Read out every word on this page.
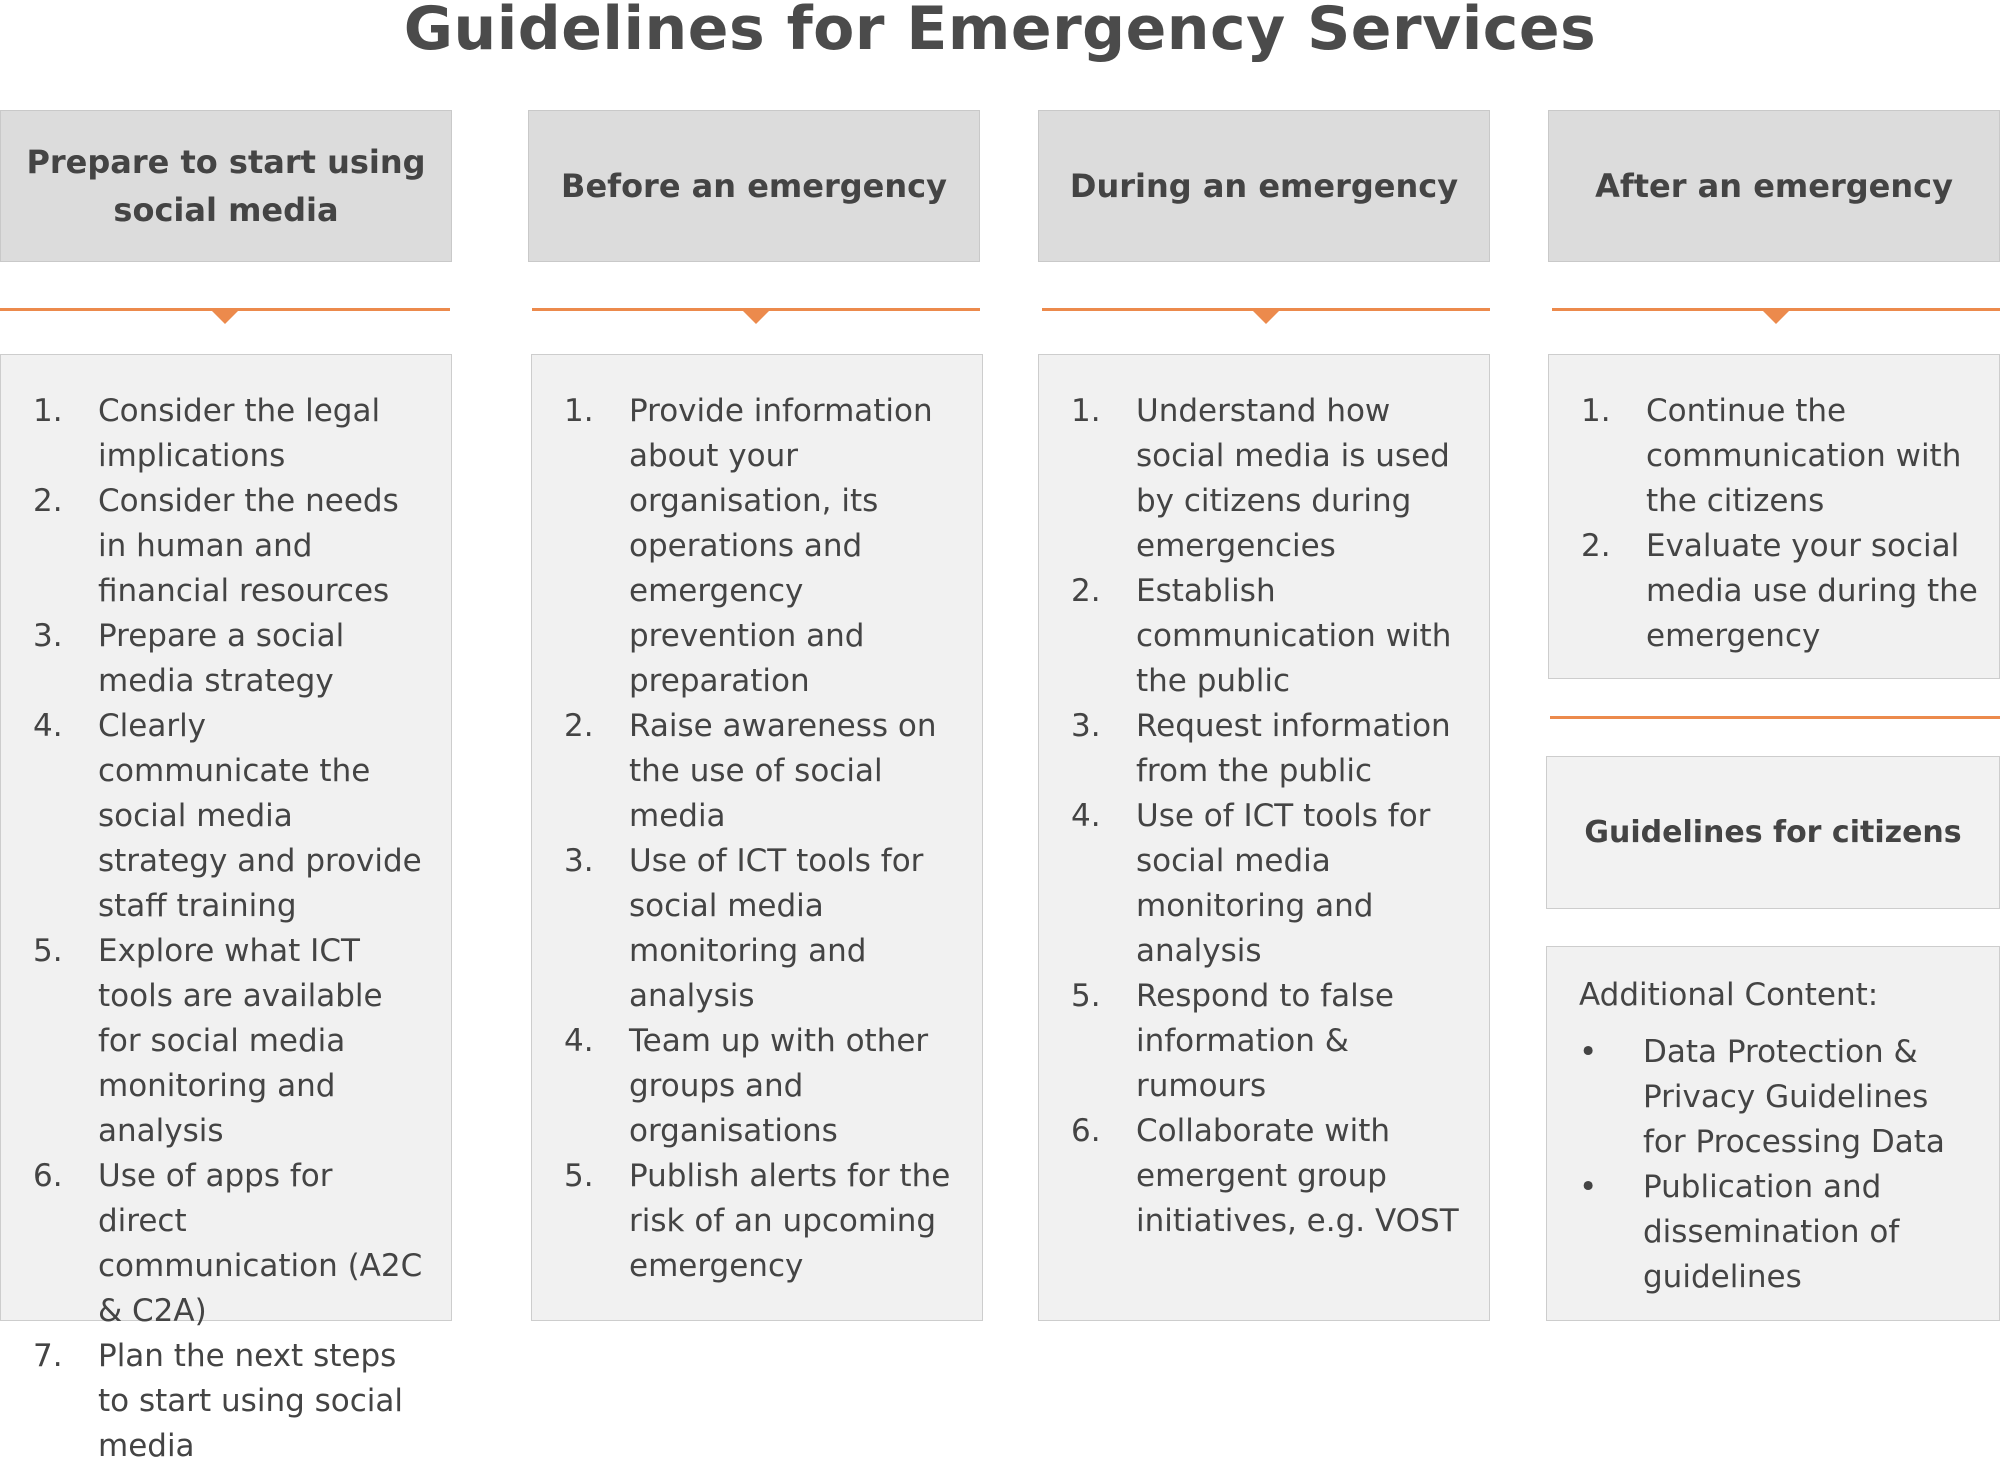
Guidelines for Emergency Services
Prepare to start using social media
1. Consider the legal implications
2. Consider the needs in human and financial resources
3. Prepare a social media strategy
4. Clearly communicate the social media strategy and provide staff training
5. Explore what ICT tools are available for social media monitoring and analysis
6. Use of apps for direct communication (A2C & C2A)
7. Plan the next steps to start using social media
Before an emergency
1. Provide information about your organisation, its operations and emergency prevention and preparation
2. Raise awareness on the use of social media
3. Use of ICT tools for social media monitoring and analysis
4. Team up with other groups and organisations
5. Publish alerts for the risk of an upcoming emergency
During an emergency
1. Understand how social media is used by citizens during emergencies
2. Establish communication with the public
3. Request information from the public
4. Use of ICT tools for social media monitoring and analysis
5. Respond to false information & rumours
6. Collaborate with emergent group initiatives, e.g. VOST
After an emergency
1. Continue the communication with the citizens
2. Evaluate your social media use during the emergency
Guidelines for citizens
Additional Content:
• Data Protection & Privacy Guidelines for Processing Data
• Publication and dissemination of guidelines
